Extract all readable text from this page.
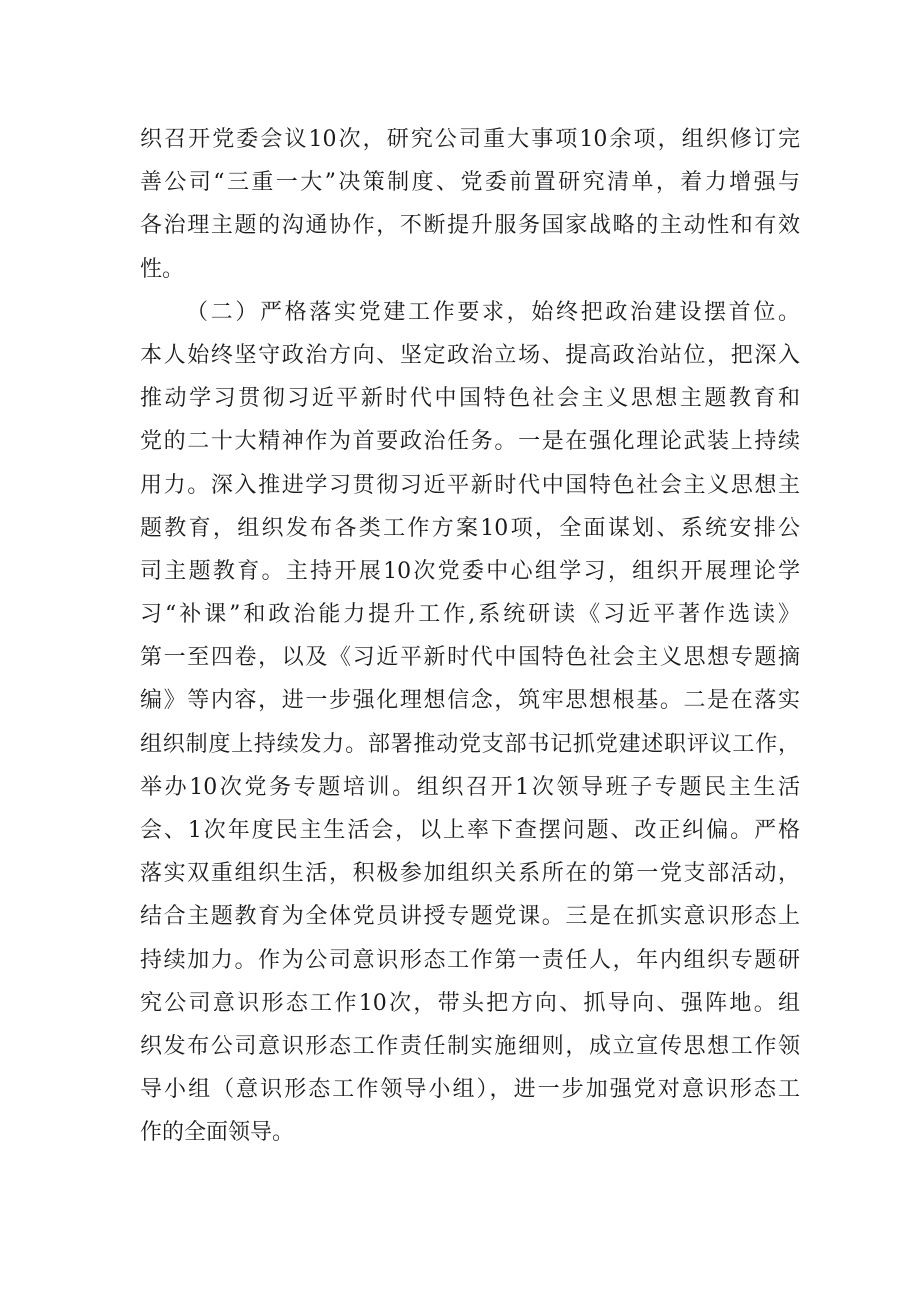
织召开党委会议10次，研究公司重大事项10余项，组织修订完
善公司“三重一大”决策制度、党委前置研究清单，着力增强与
各治理主题的沟通协作，不断提升服务国家战略的主动性和有效
性。
（二）严格落实党建工作要求，始终把政治建设摆首位。
本人始终坚守政治方向、坚定政治立场、提高政治站位，把深入
推动学习贯彻习近平新时代中国特色社会主义思想主题教育和
党的二十大精神作为首要政治任务。一是在强化理论武装上持续
用力。深入推进学习贯彻习近平新时代中国特色社会主义思想主
题教育，组织发布各类工作方案10项，全面谋划、系统安排公
司主题教育。主持开展10次党委中心组学习，组织开展理论学
习“补课”和政治能力提升工作,系统研读《习近平著作选读》
第一至四卷，以及《习近平新时代中国特色社会主义思想专题摘
编》等内容，进一步强化理想信念，筑牢思想根基。二是在落实
组织制度上持续发力。部署推动党支部书记抓党建述职评议工作，
举办10次党务专题培训。组织召开1次领导班子专题民主生活
会、1次年度民主生活会，以上率下查摆问题、改正纠偏。严格
落实双重组织生活，积极参加组织关系所在的第一党支部活动，
结合主题教育为全体党员讲授专题党课。三是在抓实意识形态上
持续加力。作为公司意识形态工作第一责任人，年内组织专题研
究公司意识形态工作10次，带头把方向、抓导向、强阵地。组
织发布公司意识形态工作责任制实施细则，成立宣传思想工作领
导小组（意识形态工作领导小组），进一步加强党对意识形态工
作的全面领导。
